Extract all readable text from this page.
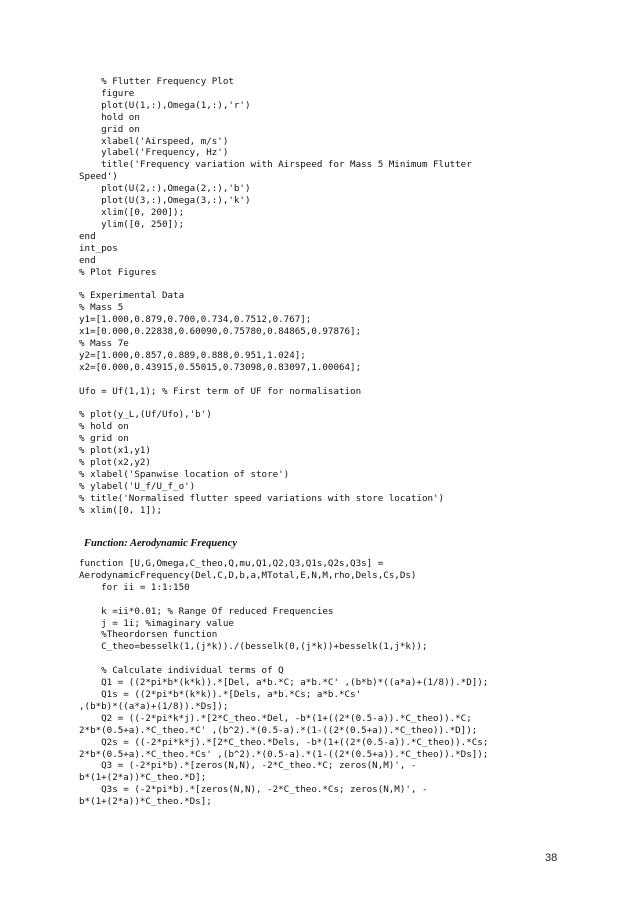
% Flutter Frequency Plot
figure
plot(U(1,:),Omega(1,:),'r')
hold on
grid on
xlabel('Airspeed, m/s')
ylabel('Frequency, Hz')
title('Frequency variation with Airspeed for Mass 5 Minimum Flutter
Speed')
plot(U(2,:),Omega(2,:),'b')
plot(U(3,:),Omega(3,:),'k')
xlim([0, 200]);
ylim([0, 250]);
end
int_pos
end
% Plot Figures

% Experimental Data
% Mass 5
y1=[1.000,0.879,0.700,0.734,0.7512,0.767];
x1=[0.000,0.22838,0.60090,0.75780,0.84865,0.97876];
% Mass 7e
y2=[1.000,0.857,0.889,0.888,0.951,1.024];
x2=[0.000,0.43915,0.55015,0.73098,0.83097,1.00064];

Ufo = Uf(1,1); % First term of UF for normalisation

% plot(y_L,(Uf/Ufo),'b')
% hold on
% grid on
% plot(x1,y1)
% plot(x2,y2)
% xlabel('Spanwise location of store')
% ylabel('U_f/U_f_o')
% title('Normalised flutter speed variations with store location')
% xlim([0, 1]);
Function: Aerodynamic Frequency
function [U,G,Omega,C_theo,Q,mu,Q1,Q2,Q3,Q1s,Q2s,Q3s] =
AerodynamicFrequency(Del,C,D,b,a,MTotal,E,N,M,rho,Dels,Cs,Ds)
for ii = 1:1:150

k =ii*0.01; % Range Of reduced Frequencies
j = 1i; %imaginary value
%Theordorsen function
C_theo=besselk(1,(j*k))./(besselk(0,(j*k))+besselk(1,j*k));

% Calculate individual terms of Q
Q1 = ((2*pi*b*(k*k)).*[Del, a*b.*C; a*b.*C' ,(b*b)*((a*a)+(1/8)).*D]);
Q1s = ((2*pi*b*(k*k)).*[Dels, a*b.*Cs; a*b.*Cs'
,(b*b)*((a*a)+(1/8)).*Ds]);
Q2 = ((-2*pi*k*j).*[2*C_theo.*Del, -b*(1+((2*(0.5-a)).*C_theo)).*C;
2*b*(0.5+a).*C_theo.*C' ,(b^2).*(0.5-a).*(1-((2*(0.5+a)).*C_theo)).*D]);
Q2s = ((-2*pi*k*j).*[2*C_theo.*Dels, -b*(1+((2*(0.5-a)).*C_theo)).*Cs;
2*b*(0.5+a).*C_theo.*Cs' ,(b^2).*(0.5-a).*(1-((2*(0.5+a)).*C_theo)).*Ds]);
Q3 = (-2*pi*b).*[zeros(N,N), -2*C_theo.*C; zeros(N,M)', -
b*(1+(2*a))*C_theo.*D];
Q3s = (-2*pi*b).*[zeros(N,N), -2*C_theo.*Cs; zeros(N,M)', -
b*(1+(2*a))*C_theo.*Ds];
38
